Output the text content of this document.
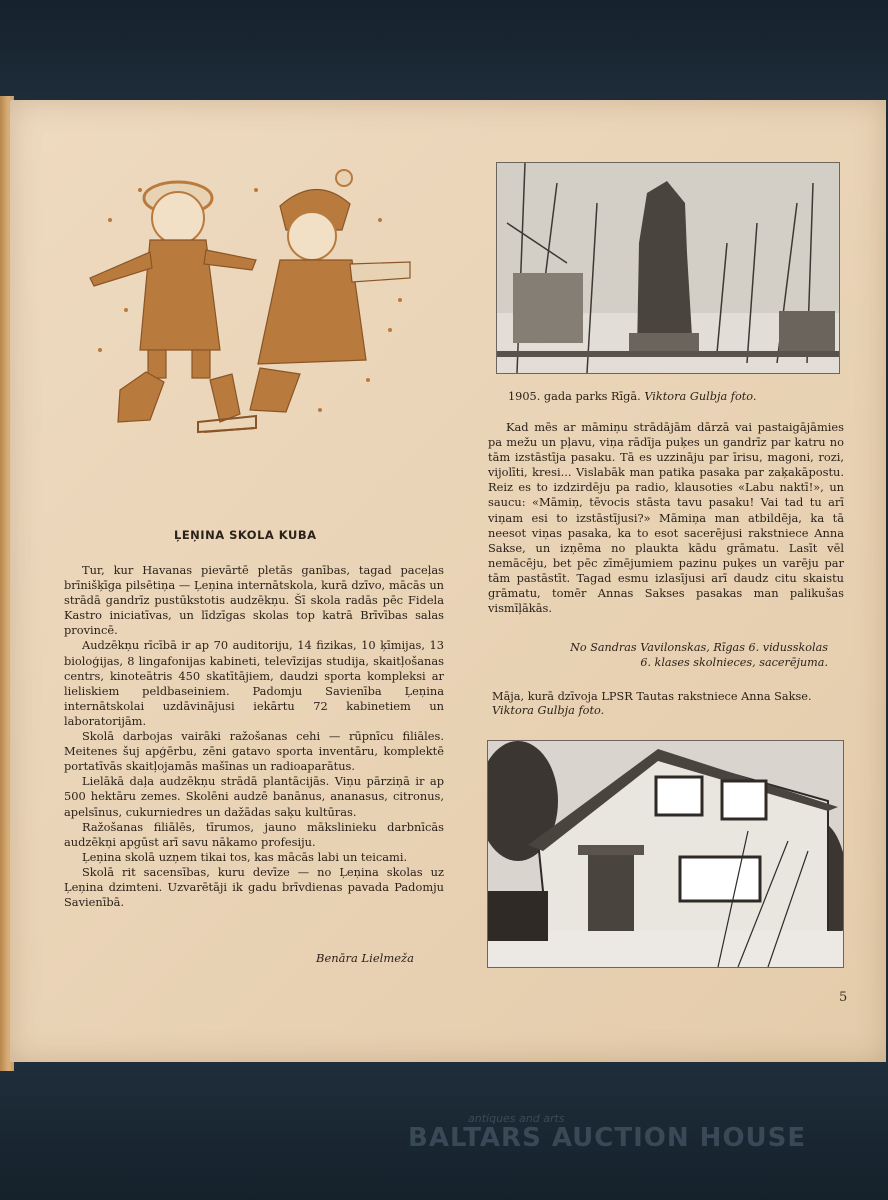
ĻEŅINA SKOLA KUBA

Tur, kur Havanas pievārtē pletās ganības, tagad paceļas brīnišķīga pilsētiņa — Ļeņina internātskola, kurā dzīvo, mācās un strādā gandrīz pustūkstotis audzēkņu. Šī skola radās pēc Fidela Kastro iniciatīvas, un līdzīgas skolas top katrā Brīvības salas provincē.

Audzēkņu rīcībā ir ap 70 auditoriju, 14 fizikas, 10 ķīmijas, 13 bioloģijas, 8 lingafonijas kabineti, televīzijas studija, skaitļošanas centrs, kinoteātris 450 skatītājiem, daudzi sporta kompleksi ar lieliskiem peldbaseiniem. Padomju Savienība Ļeņina internātskolai uzdāvinājusi iekārtu 72 kabinetiem un laboratorijām.

Skolā darbojas vairāki ražošanas cehi — rūpnīcu filiāles. Meitenes šuj apģērbu, zēni gatavo sporta inventāru, komplektē portatīvās skaitļojamās mašīnas un radioaparātus.

Lielākā daļa audzēkņu strādā plantācijās. Viņu pārziņā ir ap 500 hektāru zemes. Skolēni audzē banānus, ananasus, citronus, apelsīnus, cukurniedres un dažādas saķu kultūras.

Ražošanas filiālēs, tīrumos, jauno mākslinieku darbnīcās audzēkņi apgūst arī savu nākamo profesiju.

Ļeņina skolā uzņem tikai tos, kas mācās labi un teicami.

Skolā rit sacensības, kuru devīze — no Ļeņina skolas uz Ļeņina dzimteni. Uzvarētāji ik gadu brīvdienas pavada Padomju Savienībā.

Benāra Lielmeža
1905. gada parks Rīgā. Viktora Gulbja foto.

Kad mēs ar māmiņu strādājām dārzā vai pastaigājāmies pa mežu un pļavu, viņa rādīja puķes un gandrīz par katru no tām izstāstīja pasaku. Tā es uzzināju par īrisu, magoni, rozi, vijolīti, kresi... Vislabāk man patika pasaka par zaķakāpostu. Reiz es to izdzirdēju pa radio, klausoties «Labu naktī!», un saucu: «Māmiņ, tēvocis stāsta tavu pasaku! Vai tad tu arī viņam esi to izstāstījusi?» Māmiņa man atbildēja, ka tā neesot viņas pasaka, ka to esot sacerējusi rakstniece Anna Sakse, un izņēma no plaukta kādu grāmatu. Lasīt vēl nemācēju, bet pēc zīmējumiem pazinu puķes un varēju par tām pastāstīt. Tagad esmu izlasījusi arī daudz citu skaistu grāmatu, tomēr Annas Sakses pasakas man palikušas vismīļākās.

No Sandras Vavilonskas, Rīgas 6. vidusskolas
6. klases skolnieces, sacerējuma.
Māja, kurā dzīvoja LPSR Tautas rakstniece Anna Sakse.
Viktora Gulbja foto.
5
antiques and arts
BALTARS AUCTION HOUSE
